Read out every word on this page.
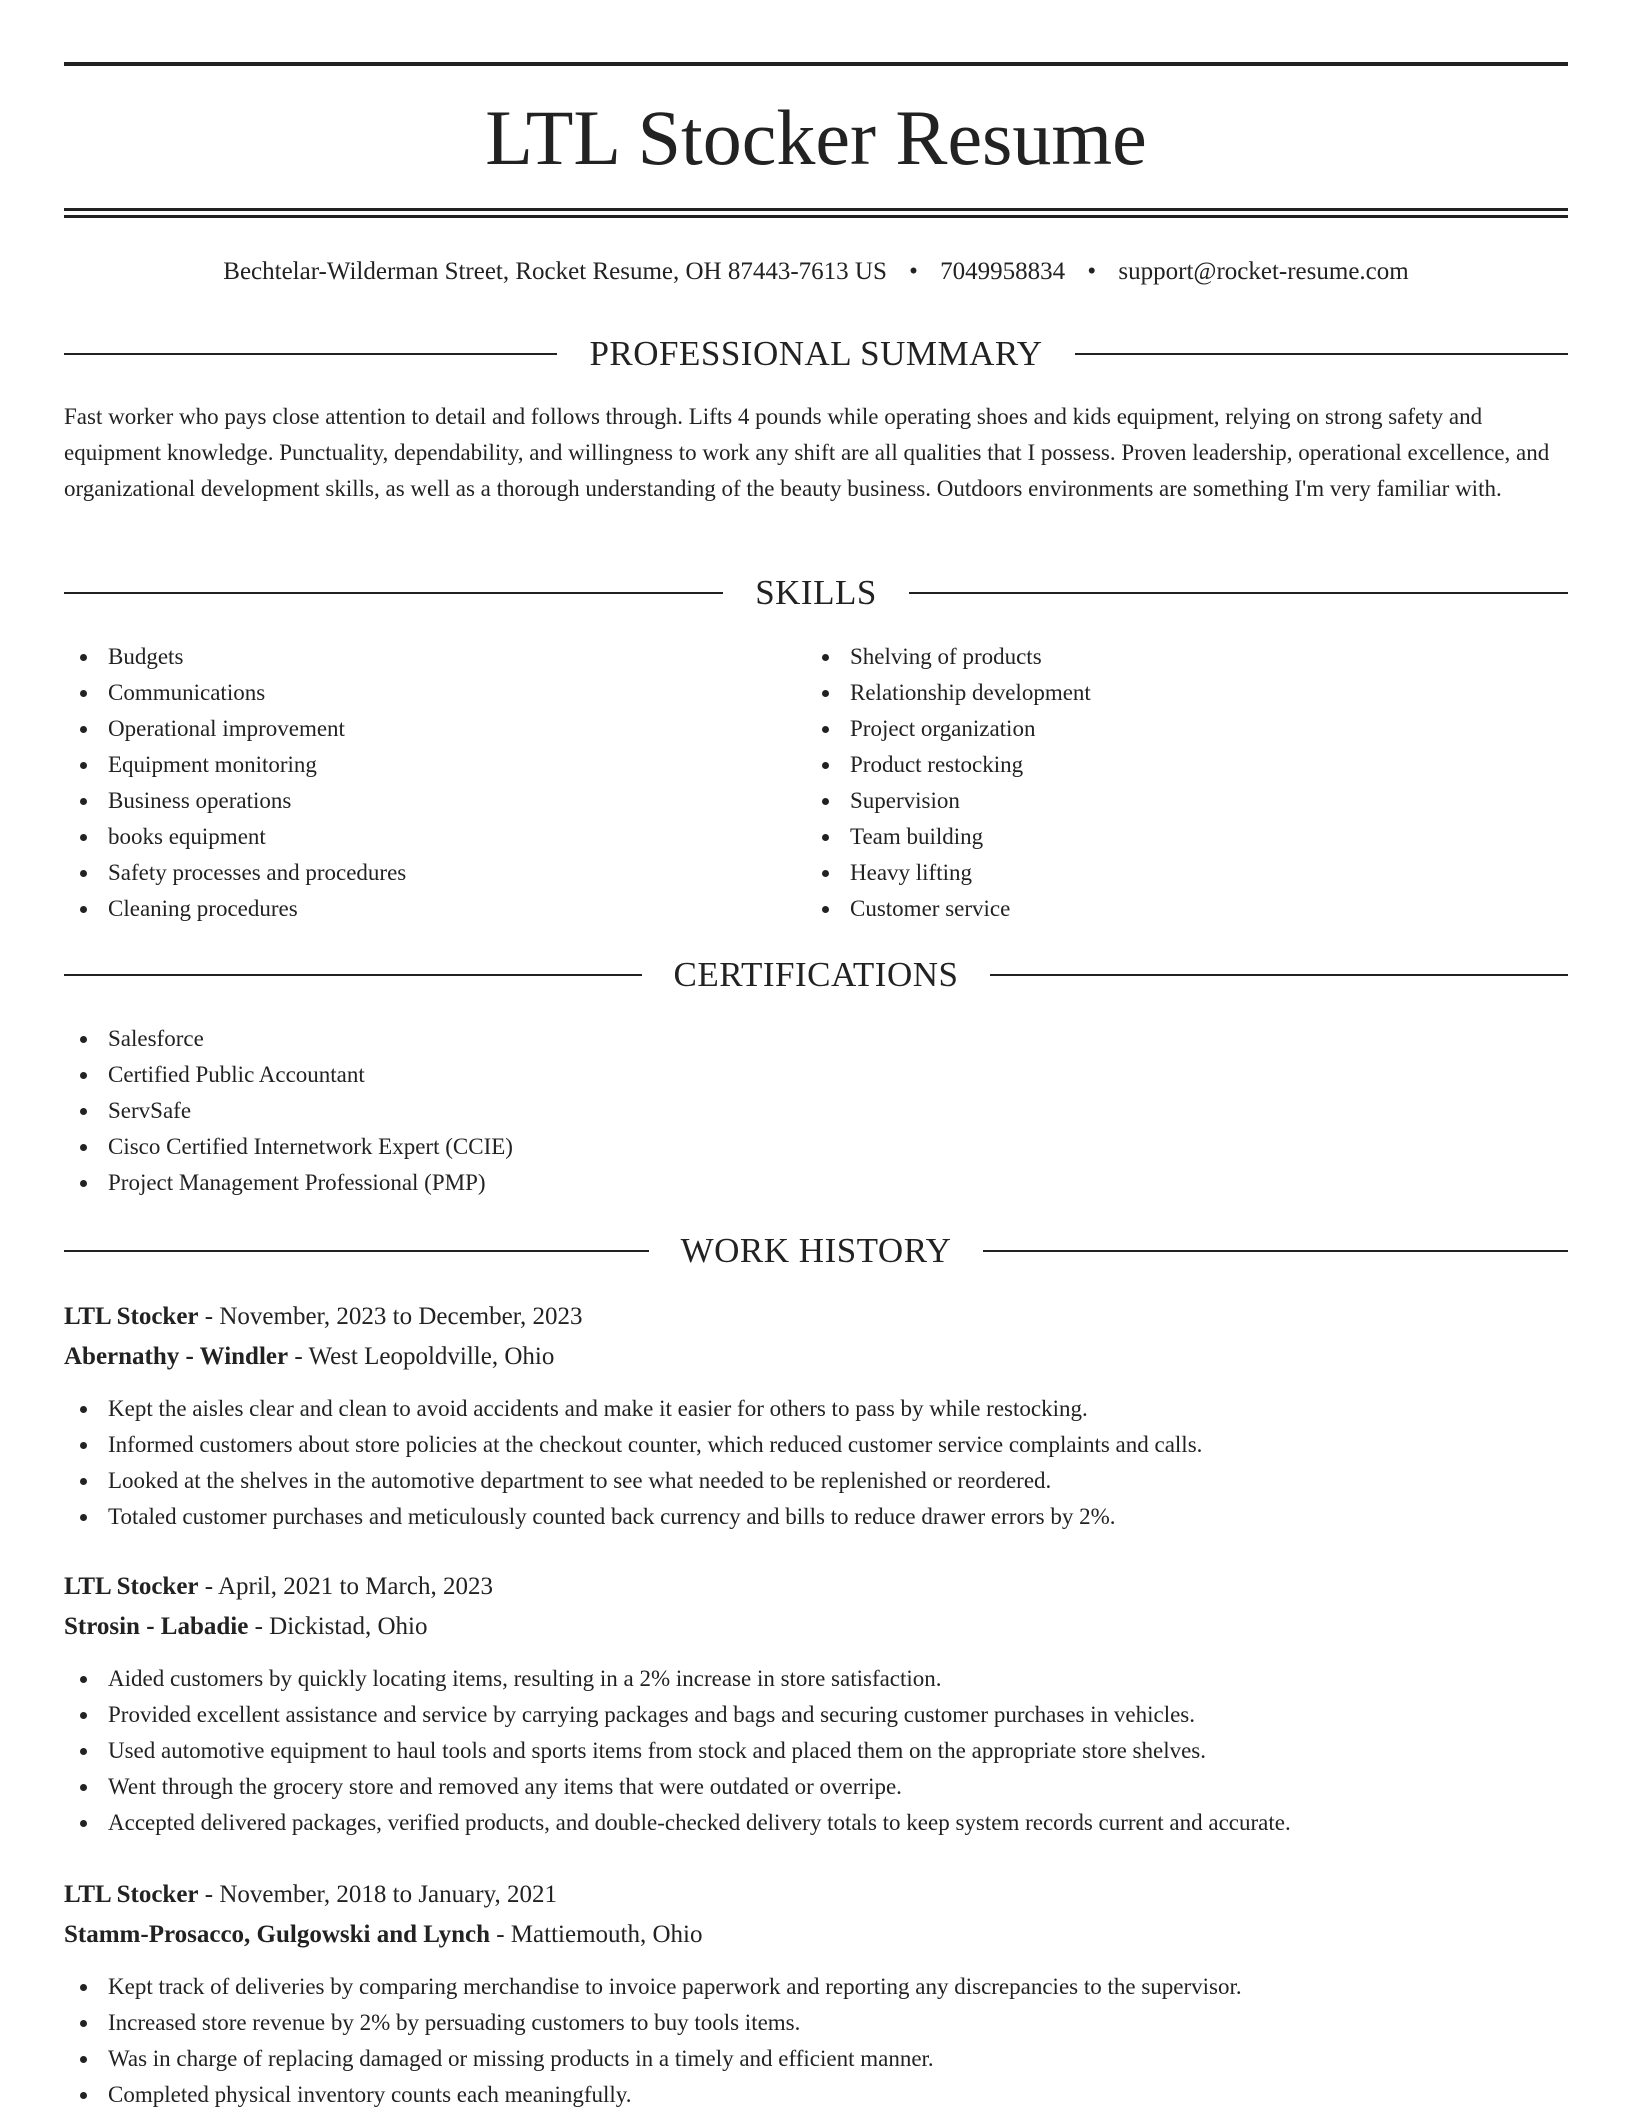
LTL Stocker Resume
Bechtelar-Wilderman Street, Rocket Resume, OH 87443-7613 US • 7049958834 • support@rocket-resume.com
PROFESSIONAL SUMMARY

Fast worker who pays close attention to detail and follows through. Lifts 4 pounds while operating shoes and kids equipment, relying on strong safety and equipment knowledge. Punctuality, dependability, and willingness to work any shift are all qualities that I possess. Proven leadership, operational excellence, and organizational development skills, as well as a thorough understanding of the beauty business. Outdoors environments are something I'm very familiar with.

SKILLS
Budgets
Communications
Operational improvement
Equipment monitoring
Business operations
books equipment
Safety processes and procedures
Cleaning procedures
Shelving of products
Relationship development
Project organization
Product restocking
Supervision
Team building
Heavy lifting
Customer service
CERTIFICATIONS
Salesforce
Certified Public Accountant
ServSafe
Cisco Certified Internetwork Expert (CCIE)
Project Management Professional (PMP)
WORK HISTORY
LTL Stocker - November, 2023 to December, 2023
Abernathy - Windler - West Leopoldville, Ohio
Kept the aisles clear and clean to avoid accidents and make it easier for others to pass by while restocking.
Informed customers about store policies at the checkout counter, which reduced customer service complaints and calls.
Looked at the shelves in the automotive department to see what needed to be replenished or reordered.
Totaled customer purchases and meticulously counted back currency and bills to reduce drawer errors by 2%.
LTL Stocker - April, 2021 to March, 2023
Strosin - Labadie - Dickistad, Ohio
Aided customers by quickly locating items, resulting in a 2% increase in store satisfaction.
Provided excellent assistance and service by carrying packages and bags and securing customer purchases in vehicles.
Used automotive equipment to haul tools and sports items from stock and placed them on the appropriate store shelves.
Went through the grocery store and removed any items that were outdated or overripe.
Accepted delivered packages, verified products, and double-checked delivery totals to keep system records current and accurate.
LTL Stocker - November, 2018 to January, 2021
Stamm-Prosacco, Gulgowski and Lynch - Mattiemouth, Ohio
Kept track of deliveries by comparing merchandise to invoice paperwork and reporting any discrepancies to the supervisor.
Increased store revenue by 2% by persuading customers to buy tools items.
Was in charge of replacing damaged or missing products in a timely and efficient manner.
Completed physical inventory counts each meaningfully.
